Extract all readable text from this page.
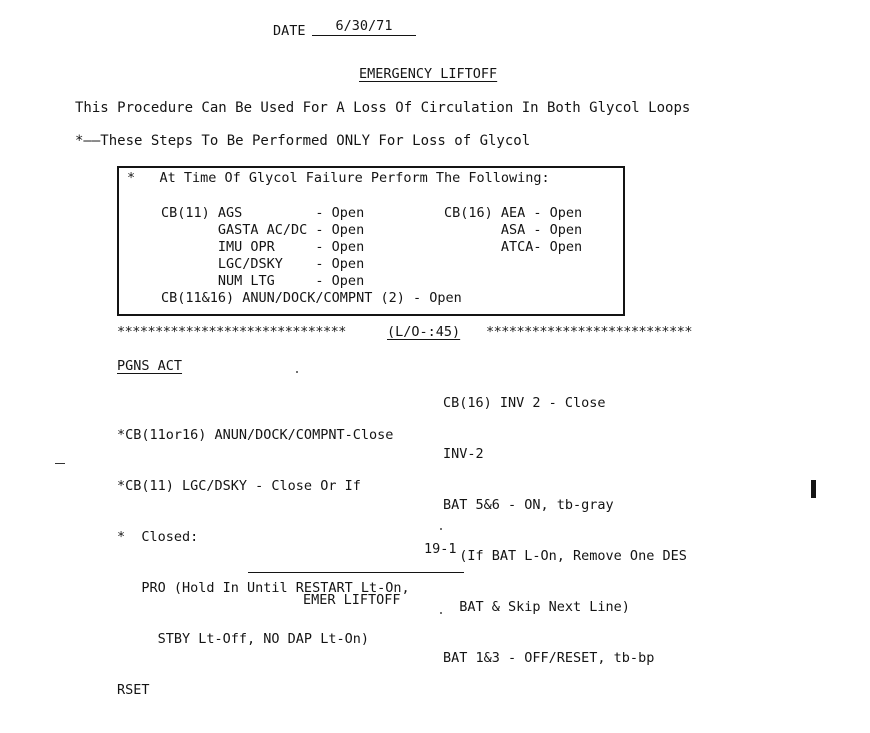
DATE	6/30/71
EMERGENCY LIFTOFF
This Procedure Can Be Used For A Loss Of Circulation In Both Glycol Loops
*——These Steps To Be Performed ONLY For Loss of Glycol
*   At Time Of Glycol Failure Perform The Following:
CB(11) AGS         - Open
GASTA AC/DC - Open
IMU OPR     - Open
LGC/DSKY    - Open
NUM LTG     - Open
CB(11&16) ANUN/DOCK/COMPNT (2) - Open
CB(16) AEA - Open
ASA - Open
ATCA- Open
******************************	(L/O-:45) ***************************
PGNS ACT

*CB(11or16) ANUN/DOCK/COMPNT-Close

*CB(11) LGC/DSKY - Close Or If

*  Closed:

PRO (Hold In Until RESTART Lt-On,

STBY Lt-Off, NO DAP Lt-On)

RSET

CB(16) INV 2 - Close

INV-2

BAT 5&6 - ON, tb-gray

(If BAT L-On, Remove One DES

BAT & Skip Next Line)

BAT 1&3 - OFF/RESET, tb-bp

19-1
EMER LIFTOFF
